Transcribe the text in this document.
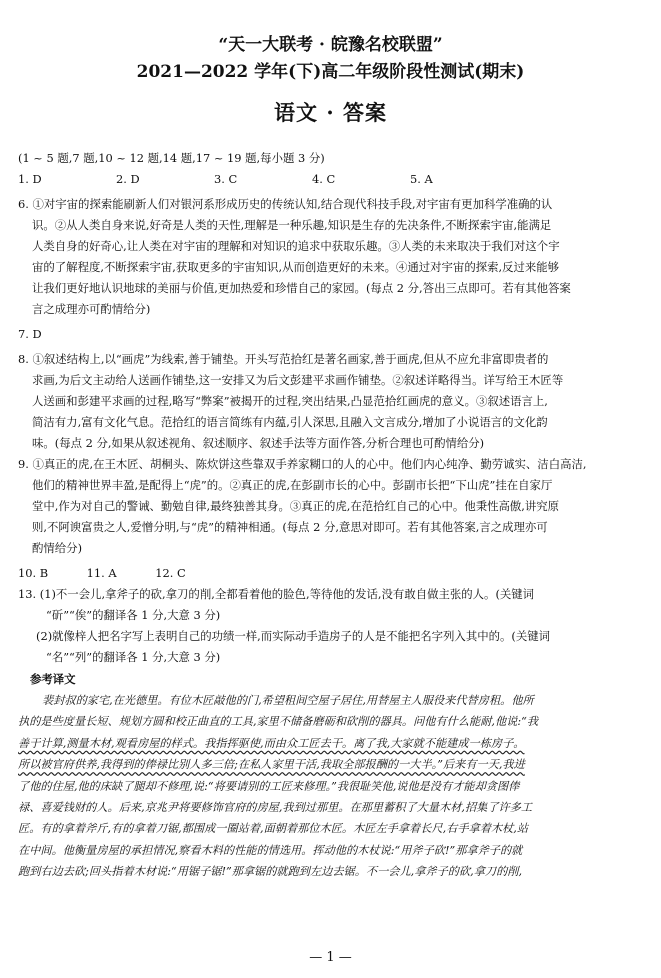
“天一大联考 · 皖豫名校联盟”
2021—2022 学年(下)高二年级阶段性测试(期末)
语文 · 答案
(1 ~ 5 题,7 题,10 ~ 12 题,14 题,17 ~ 19 题,每小题 3 分)
1. D	2. D	3. C	4. C	5. A
6. ①对宇宙的探索能刷新人们对银河系形成历史的传统认知,结合现代科技手段,对宇宙有更加科学准确的认
识。②从人类自身来说,好奇是人类的天性,理解是一种乐趣,知识是生存的先决条件,不断探索宇宙,能满足
人类自身的好奇心,让人类在对宇宙的理解和对知识的追求中获取乐趣。③人类的未来取决于我们对这个宇
宙的了解程度,不断探索宇宙,获取更多的宇宙知识,从而创造更好的未来。④通过对宇宙的探索,反过来能够
让我们更好地认识地球的美丽与价值,更加热爱和珍惜自己的家园。(每点 2 分,答出三点即可。若有其他答案
言之成理亦可酌情给分)
7. D
8. ①叙述结构上,以“画虎”为线索,善于铺垫。开头写范拾红是著名画家,善于画虎,但从不应允非富即贵者的
求画,为后文主动给人送画作铺垫,这一安排又为后文彭建平求画作铺垫。②叙述详略得当。详写给王木匠等
人送画和彭建平求画的过程,略写“弊案”被揭开的过程,突出结果,凸显范拾红画虎的意义。③叙述语言上,
简洁有力,富有文化气息。范拾红的语言简练有内蕴,引人深思,且融入文言成分,增加了小说语言的文化韵
味。(每点 2 分,如果从叙述视角、叙述顺序、叙述手法等方面作答,分析合理也可酌情给分)
9. ①真正的虎,在王木匠、胡桐头、陈炊饼这些靠双手养家糊口的人的心中。他们内心纯净、勤劳诚实、洁白高洁,
他们的精神世界丰盈,是配得上“虎”的。②真正的虎,在彭副市长的心中。彭副市长把“下山虎”挂在自家厅
堂中,作为对自己的警诫、勤勉自律,最终独善其身。③真正的虎,在范拾红自己的心中。他秉性高傲,讲究原
则,不阿谀富贵之人,爱憎分明,与“虎”的精神相通。(每点 2 分,意思对即可。若有其他答案,言之成理亦可
酌情给分)
10. B	11. A	12. C
13. (1)不一会儿,拿斧子的砍,拿刀的削,全都看着他的脸色,等待他的发话,没有敢自做主张的人。(关键词
“斫”“俟”的翻译各 1 分,大意 3 分)
(2)就像梓人把名字写上表明自己的功绩一样,而实际动手造房子的人是不能把名字列入其中的。(关键词
“名”“列”的翻译各 1 分,大意 3 分)
参考译文
裴封叔的家宅,在光德里。有位木匠敲他的门,希望租间空屋子居住,用替屋主人服役来代替房租。他所
执的是些度量长短、规划方圆和校正曲直的工具,家里不储备磨砺和砍削的器具。问他有什么能耐,他说:“我
善于计算,测量木材,观看房屋的样式。我指挥驱使,而由众工匠去干。离了我,大家就不能建成一栋房子。
所以被官府供养,我得到的俸禄比别人多三倍;在私人家里干活,我取全部报酬的一大半。”后来有一天,我进
了他的住屋,他的床缺了腿却不修理,说:“将要请别的工匠来修理。”我很耻笑他,说他是没有才能却贪图俸
禄、喜爱钱财的人。后来,京兆尹将要修饰官府的房屋,我到过那里。在那里蓄积了大量木材,招集了许多工
匠。有的拿着斧斤,有的拿着刀锯,都围成一圈站着,面朝着那位木匠。木匠左手拿着长尺,右手拿着木杖,站
在中间。他衡量房屋的承担情况,察看木料的性能的情选用。挥动他的木杖说:“用斧子砍!”那拿斧子的就
跑到右边去砍;回头指着木材说:“用锯子锯!”那拿锯的就跑到左边去锯。不一会儿,拿斧子的砍,拿刀的削,
— 1 —
